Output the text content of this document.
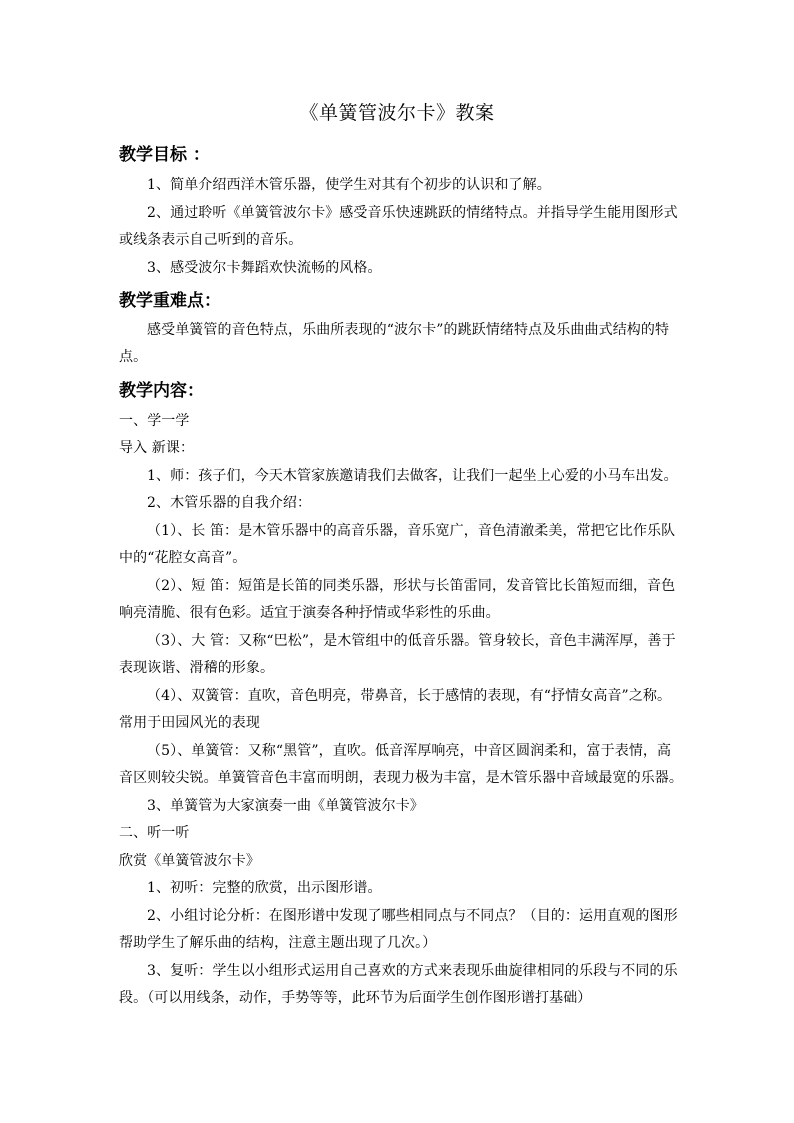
《单簧管波尔卡》教案
教学目标 ：
1、简单介绍西洋木管乐器，使学生对其有个初步的认识和了解。
2、通过聆听《单簧管波尔卡》感受音乐快速跳跃的情绪特点。并指导学生能用图形式
或线条表示自己听到的音乐。
3、感受波尔卡舞蹈欢快流畅的风格。
教学重难点：
感受单簧管的音色特点，乐曲所表现的“波尔卡”的跳跃情绪特点及乐曲曲式结构的特
点。
教学内容：
一、学一学
导入 新课：
1、师：孩子们，今天木管家族邀请我们去做客，让我们一起坐上心爱的小马车出发。
2、木管乐器的自我介绍：
（1）、长 笛：是木管乐器中的高音乐器，音乐宽广，音色清澈柔美，常把它比作乐队
中的“花腔女高音”。
（2）、短 笛：短笛是长笛的同类乐器，形状与长笛雷同，发音管比长笛短而细，音色
响亮清脆、很有色彩。适宜于演奏各种抒情或华彩性的乐曲。
（3）、大 管：又称“巴松”，是木管组中的低音乐器。管身较长，音色丰满浑厚，善于
表现诙谐、滑稽的形象。
（4）、双簧管：直吹，音色明亮，带鼻音，长于感情的表现，有“抒情女高音”之称。
常用于田园风光的表现
（5）、单簧管：又称“黑管”，直吹。低音浑厚响亮，中音区圆润柔和，富于表情，高
音区则较尖锐。单簧管音色丰富而明朗，表现力极为丰富，是木管乐器中音域最宽的乐器。
3、单簧管为大家演奏一曲《单簧管波尔卡》
二、听一听
欣赏《单簧管波尔卡》
1、初听：完整的欣赏，出示图形谱。
2、小组讨论分析：在图形谱中发现了哪些相同点与不同点？（目的：运用直观的图形
帮助学生了解乐曲的结构，注意主题出现了几次。）
3、复听：学生以小组形式运用自己喜欢的方式来表现乐曲旋律相同的乐段与不同的乐
段。（可以用线条，动作，手势等等，此环节为后面学生创作图形谱打基础）
